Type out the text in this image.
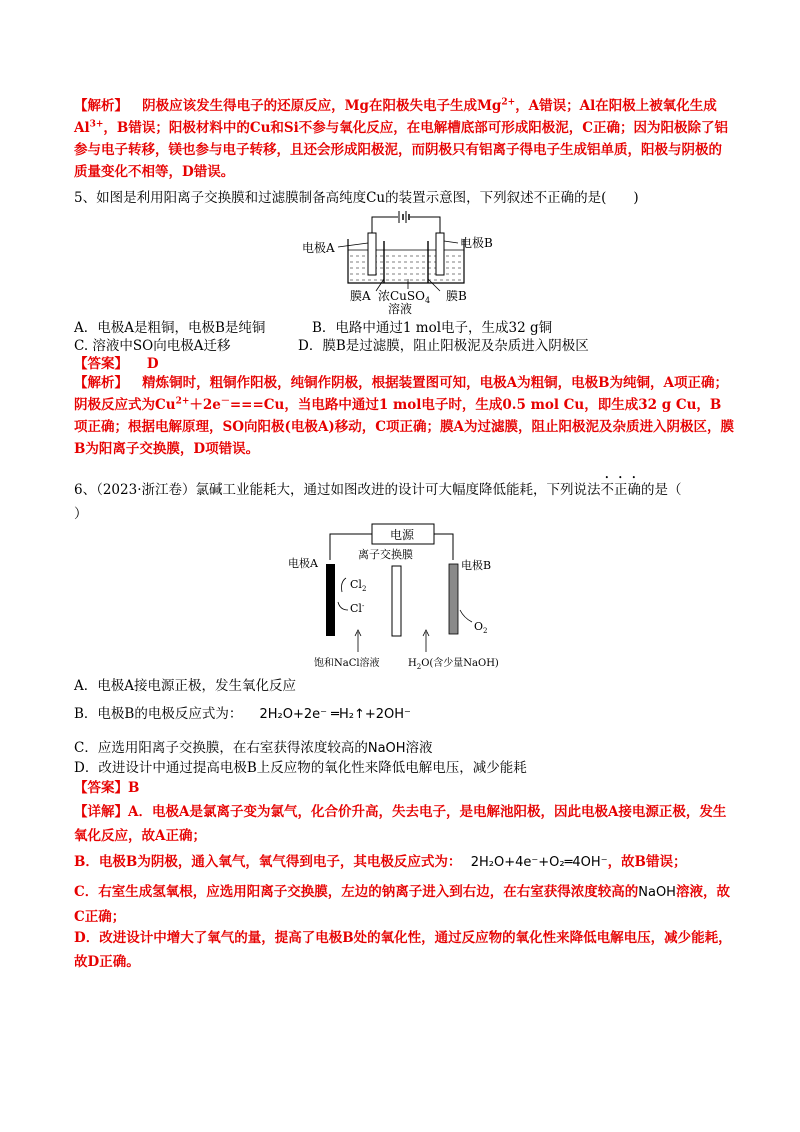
【解析】 阴极应该发生得电子的还原反应，Mg在阳极失电子生成$Mg^{2+}$，A错误；Al在阳极上被氧化生成$Al^{3+}$，B错误；阳极材料中的Cu和Si不参与氧化反应，在电解槽底部可形成阳极泥，C正确；因为阳极除了铝参与电子转移，镁也参与电子转移，且还会形成阳极泥，而阴极只有铝离子得电子生成铝单质，阳极与阴极的质量变化不相等，D错误。

5、如图是利用阳离子交换膜和过滤膜制备高纯度Cu的装置示意图，下列叙述不正确的是(　　)
电极A	电极B
膜A 浓CuSO$_4$
溶液
膜B
A．电极A是粗铜，电极B是纯铜	B．电路中通过1 mol电子，生成32 g铜
C. 溶液中SO向电极A迁移	D．膜B是过滤膜，阻止阳极泥及杂质进入阴极区
【答案】 D

【解析】 精炼铜时，粗铜作阳极，纯铜作阴极，根据装置图可知，电极A为粗铜，电极B为纯铜，A项正确；阴极反应式为$Cu^{2+}+2e^-===Cu$，当电路中通过1 mol电子时，生成0.5 mol Cu，即生成32 g Cu，B项正确；根据电解原理，SO向阳极(电极A)移动，C项正确；膜A为过滤膜，阻止阳极泥及杂质进入阴极区，膜B为阳离子交换膜，D项错误。

6、（2023·浙江卷）氯碱工业能耗大，通过如图改进的设计可大幅度降低能耗，下列说法不正确的是（
）
电源
离子交换膜
电极A	电极B
$Cl_2$
Cl-
$O_2$
饱和NaCl溶液	$H_2O$(含少量NaOH)
A．电极A接电源正极，发生氧化反应
B．电极B的电极反应式为： 2H₂O+2e⁻ ═H₂↑+2OH⁻
C．应选用阳离子交换膜，在右室获得浓度较高的NaOH溶液
D．改进设计中通过提高电极B上反应物的氧化性来降低电解电压，减少能耗
【答案】B

【详解】A．电极A是氯离子变为氯气，化合价升高，失去电子，是电解池阳极，因此电极A接电源正极，发生氧化反应，故A正确；

B．电极B为阴极，通入氧气，氧气得到电子，其电极反应式为： 2H₂O+4e⁻+O₂═4OH⁻，故B错误；

C．右室生成氢氧根，应选用阳离子交换膜，左边的钠离子进入到右边，在右室获得浓度较高的NaOH溶液，故C正确；

D．改进设计中增大了氧气的量，提高了电极B处的氧化性，通过反应物的氧化性来降低电解电压，减少能耗，故D正确。
